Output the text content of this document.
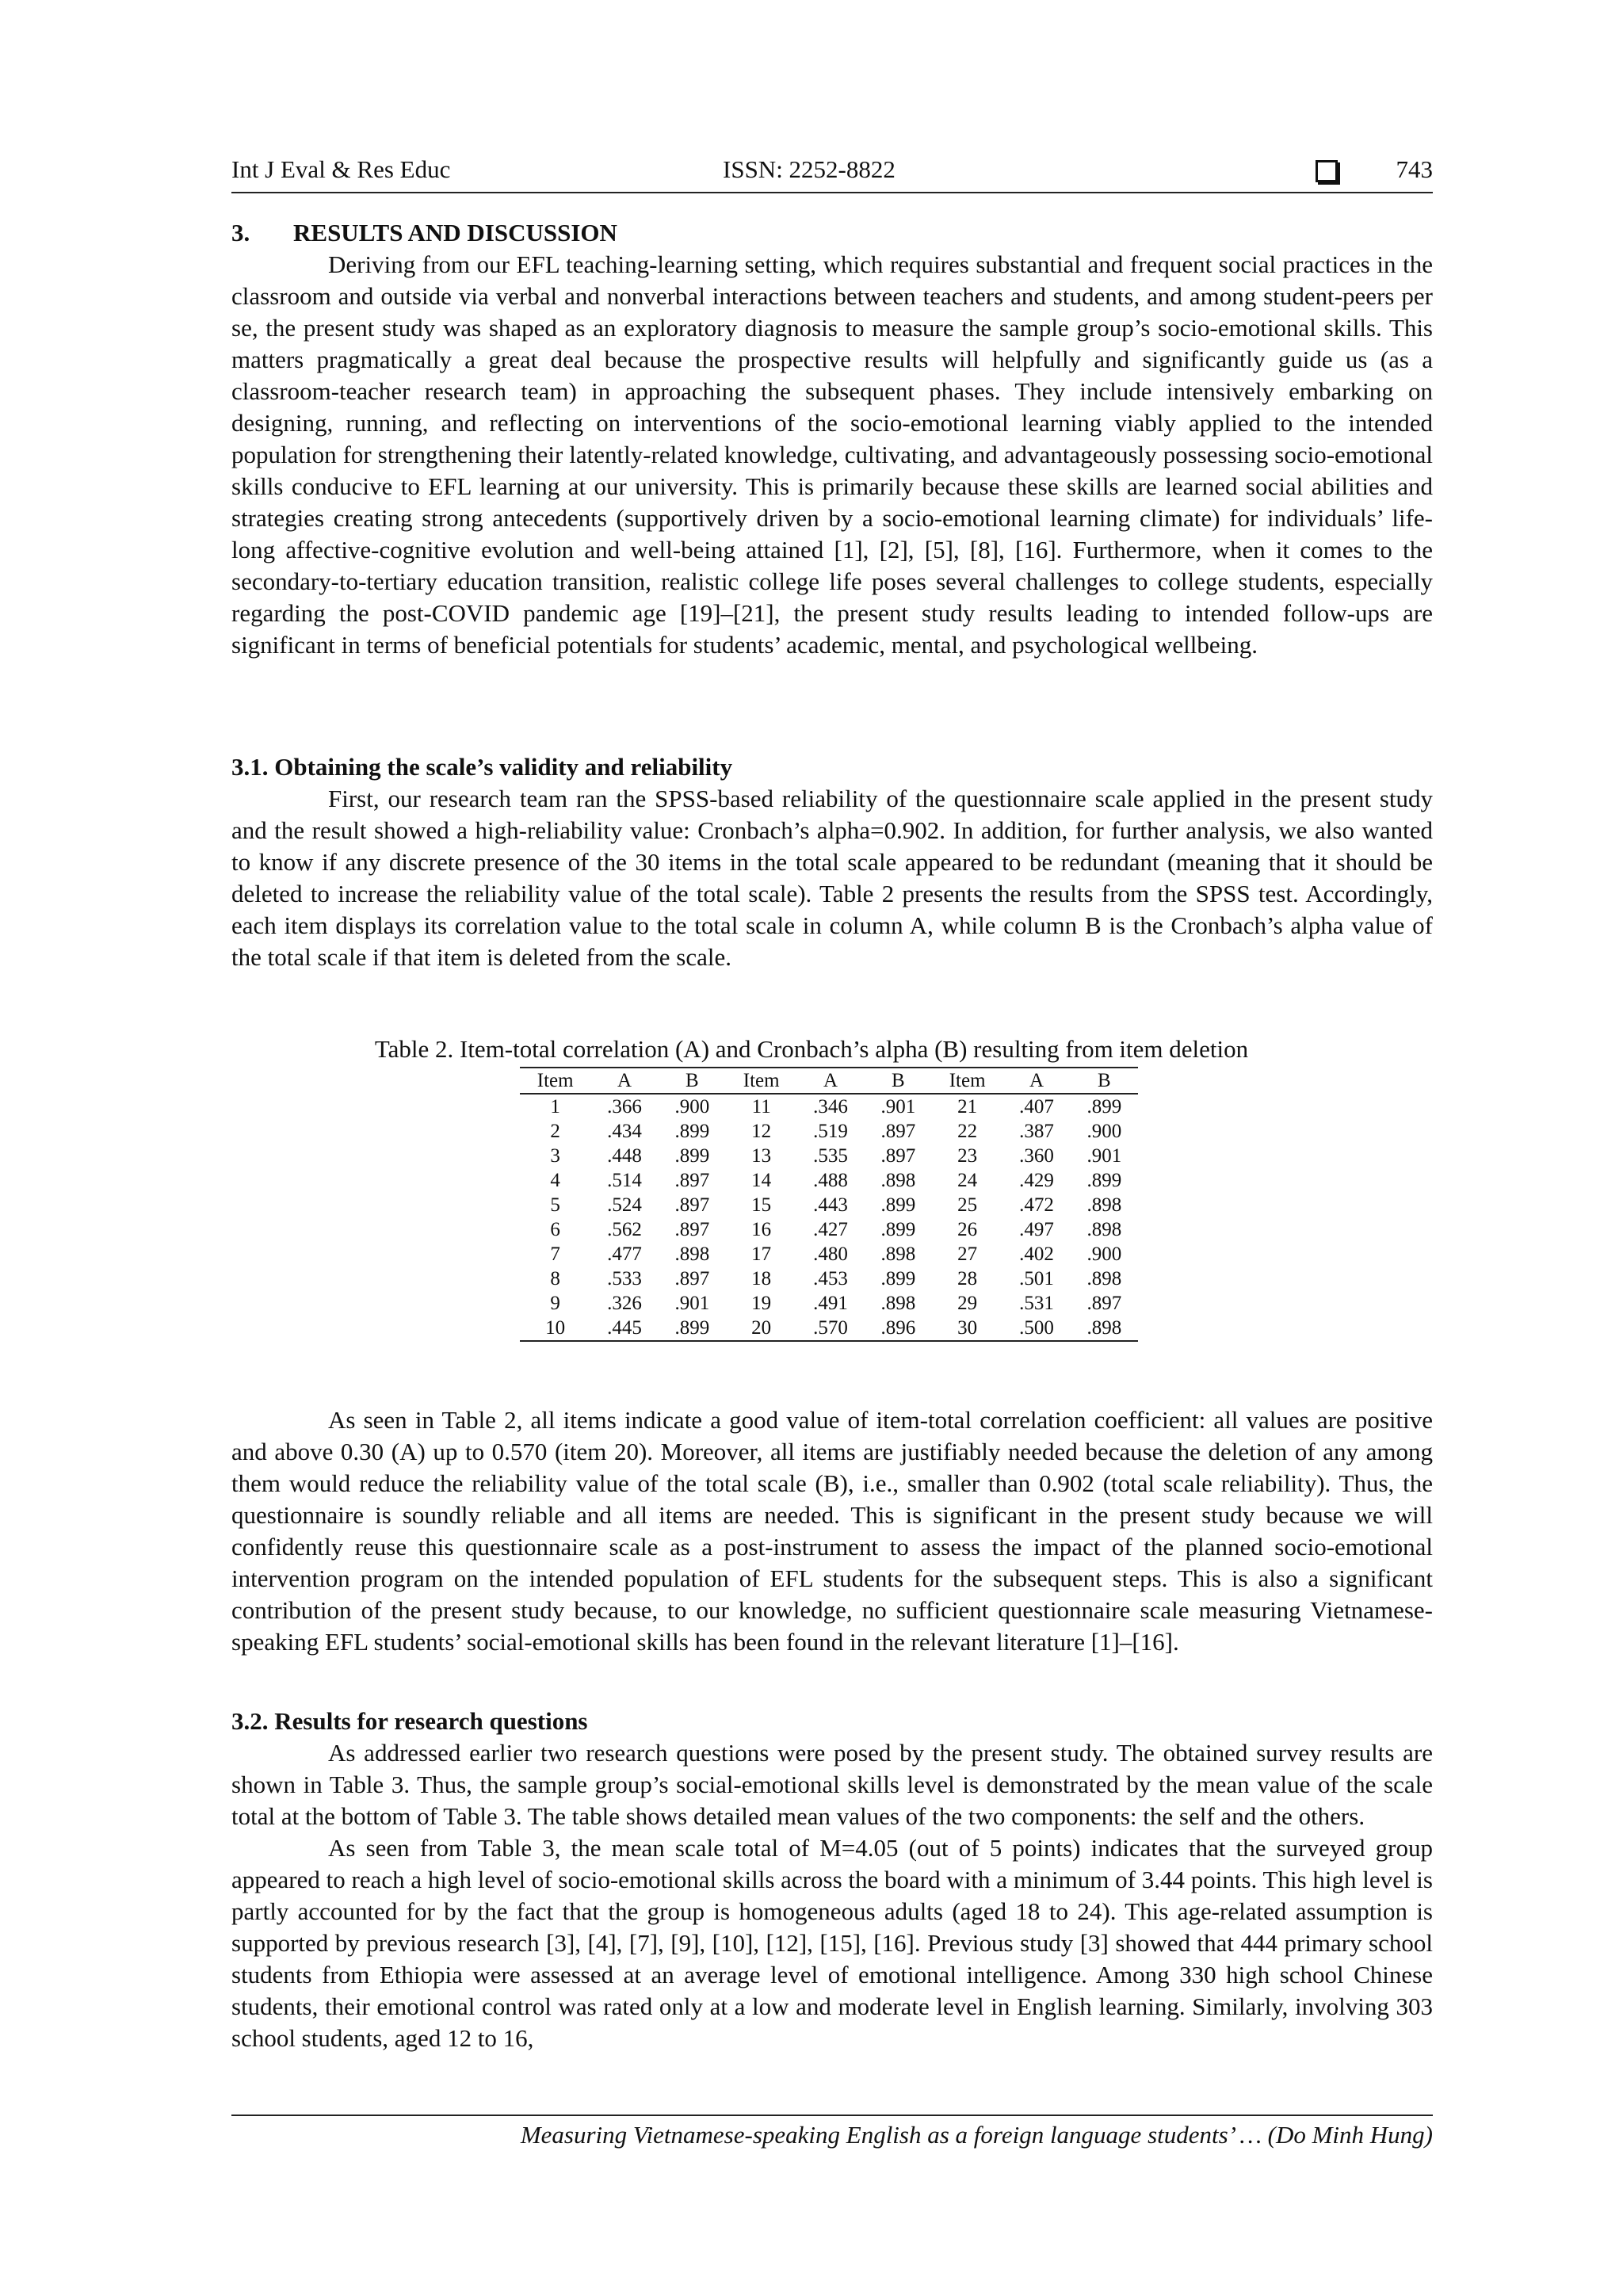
Int J Eval & Res Educ	ISSN: 2252-8822	743
3. RESULTS AND DISCUSSION

Deriving from our EFL teaching-learning setting, which requires substantial and frequent social practices in the classroom and outside via verbal and nonverbal interactions between teachers and students, and among student-peers per se, the present study was shaped as an exploratory diagnosis to measure the sample group’s socio-emotional skills. This matters pragmatically a great deal because the prospective results will helpfully and significantly guide us (as a classroom-teacher research team) in approaching the subsequent phases. They include intensively embarking on designing, running, and reflecting on interventions of the socio-emotional learning viably applied to the intended population for strengthening their latently-related knowledge, cultivating, and advantageously possessing socio-emotional skills conducive to EFL learning at our university. This is primarily because these skills are learned social abilities and strategies creating strong antecedents (supportively driven by a socio-emotional learning climate) for individuals’ life-long affective-cognitive evolution and well-being attained [1], [2], [5], [8], [16]. Furthermore, when it comes to the secondary-to-tertiary education transition, realistic college life poses several challenges to college students, especially regarding the post-COVID pandemic age [19]–[21], the present study results leading to intended follow-ups are significant in terms of beneficial potentials for students’ academic, mental, and psychological wellbeing.

3.1. Obtaining the scale’s validity and reliability

First, our research team ran the SPSS-based reliability of the questionnaire scale applied in the present study and the result showed a high-reliability value: Cronbach’s alpha=0.902. In addition, for further analysis, we also wanted to know if any discrete presence of the 30 items in the total scale appeared to be redundant (meaning that it should be deleted to increase the reliability value of the total scale). Table 2 presents the results from the SPSS test. Accordingly, each item displays its correlation value to the total scale in column A, while column B is the Cronbach’s alpha value of the total scale if that item is deleted from the scale.

Table 2. Item-total correlation (A) and Cronbach’s alpha (B) resulting from item deletion
Item	A	B	Item	A	B	Item	A	B
1	.366	.900	11	.346	.901	21	.407	.899
2	.434	.899	12	.519	.897	22	.387	.900
3	.448	.899	13	.535	.897	23	.360	.901
4	.514	.897	14	.488	.898	24	.429	.899
5	.524	.897	15	.443	.899	25	.472	.898
6	.562	.897	16	.427	.899	26	.497	.898
7	.477	.898	17	.480	.898	27	.402	.900
8	.533	.897	18	.453	.899	28	.501	.898
9	.326	.901	19	.491	.898	29	.531	.897
10	.445	.899	20	.570	.896	30	.500	.898

As seen in Table 2, all items indicate a good value of item-total correlation coefficient: all values are positive and above 0.30 (A) up to 0.570 (item 20). Moreover, all items are justifiably needed because the deletion of any among them would reduce the reliability value of the total scale (B), i.e., smaller than 0.902 (total scale reliability). Thus, the questionnaire is soundly reliable and all items are needed. This is significant in the present study because we will confidently reuse this questionnaire scale as a post-instrument to assess the impact of the planned socio-emotional intervention program on the intended population of EFL students for the subsequent steps. This is also a significant contribution of the present study because, to our knowledge, no sufficient questionnaire scale measuring Vietnamese-speaking EFL students’ social-emotional skills has been found in the relevant literature [1]–[16].

3.2. Results for research questions

As addressed earlier two research questions were posed by the present study. The obtained survey results are shown in Table 3. Thus, the sample group’s social-emotional skills level is demonstrated by the mean value of the scale total at the bottom of Table 3. The table shows detailed mean values of the two components: the self and the others.

As seen from Table 3, the mean scale total of M=4.05 (out of 5 points) indicates that the surveyed group appeared to reach a high level of socio-emotional skills across the board with a minimum of 3.44 points. This high level is partly accounted for by the fact that the group is homogeneous adults (aged 18 to 24). This age-related assumption is supported by previous research [3], [4], [7], [9], [10], [12], [15], [16]. Previous study [3] showed that 444 primary school students from Ethiopia were assessed at an average level of emotional intelligence. Among 330 high school Chinese students, their emotional control was rated only at a low and moderate level in English learning. Similarly, involving 303 school students, aged 12 to 16,

Measuring Vietnamese-speaking English as a foreign language students’ … (Do Minh Hung)
